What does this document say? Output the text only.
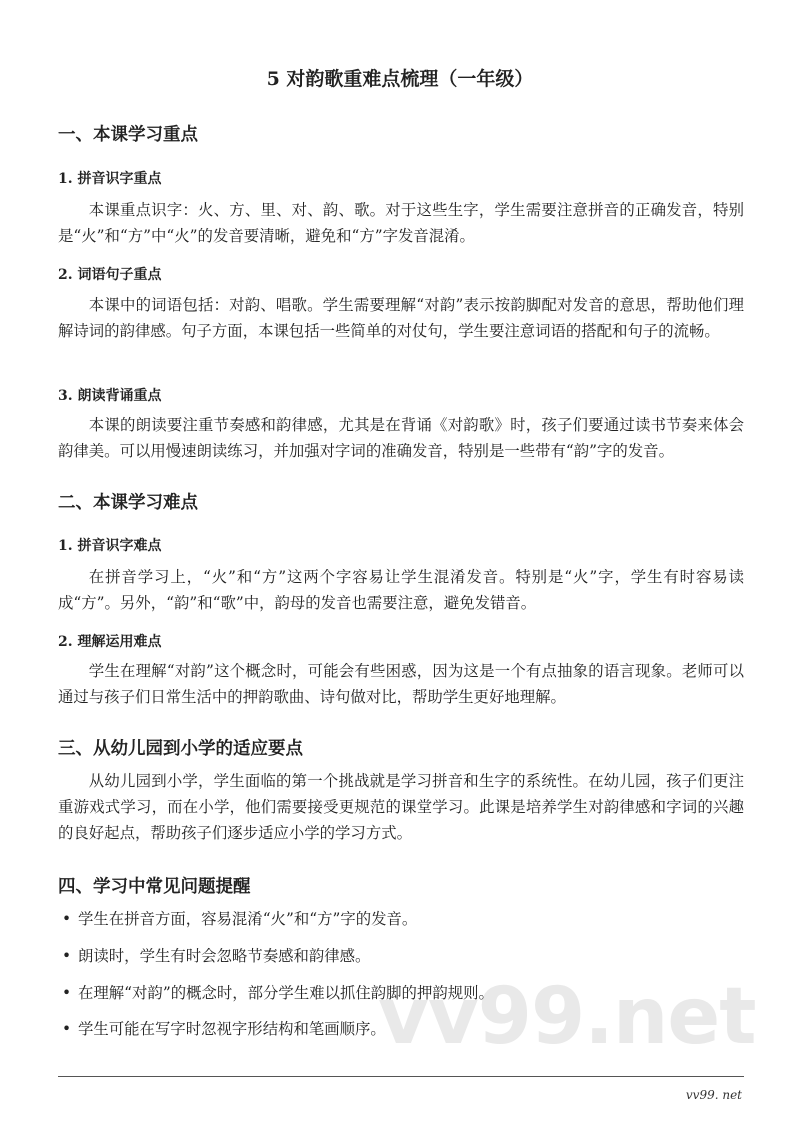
vv99.net
5 对韵歌重难点梳理（一年级）
一、本课学习重点
1. 拼音识字重点
本课重点识字：火、方、里、对、韵、歌。对于这些生字，学生需要注意拼音的正确发音，特别是“火”和“方”中“火”的发音要清晰，避免和“方”字发音混淆。
2. 词语句子重点
本课中的词语包括：对韵、唱歌。学生需要理解“对韵”表示按韵脚配对发音的意思，帮助他们理解诗词的韵律感。句子方面，本课包括一些简单的对仗句，学生要注意词语的搭配和句子的流畅。
3. 朗读背诵重点
本课的朗读要注重节奏感和韵律感，尤其是在背诵《对韵歌》时，孩子们要通过读书节奏来体会韵律美。可以用慢速朗读练习，并加强对字词的准确发音，特别是一些带有“韵”字的发音。
二、本课学习难点
1. 拼音识字难点
在拼音学习上，“火”和“方”这两个字容易让学生混淆发音。特别是“火”字，学生有时容易读成“方”。另外，“韵”和“歌”中，韵母的发音也需要注意，避免发错音。
2. 理解运用难点
学生在理解“对韵”这个概念时，可能会有些困惑，因为这是一个有点抽象的语言现象。老师可以通过与孩子们日常生活中的押韵歌曲、诗句做对比，帮助学生更好地理解。
三、从幼儿园到小学的适应要点
从幼儿园到小学，学生面临的第一个挑战就是学习拼音和生字的系统性。在幼儿园，孩子们更注重游戏式学习，而在小学，他们需要接受更规范的课堂学习。此课是培养学生对韵律感和字词的兴趣的良好起点，帮助孩子们逐步适应小学的学习方式。
四、学习中常见问题提醒
• 学生在拼音方面，容易混淆“火”和“方”字的发音。
• 朗读时，学生有时会忽略节奏感和韵律感。
• 在理解“对韵”的概念时，部分学生难以抓住韵脚的押韵规则。
• 学生可能在写字时忽视字形结构和笔画顺序。
vv99. net
